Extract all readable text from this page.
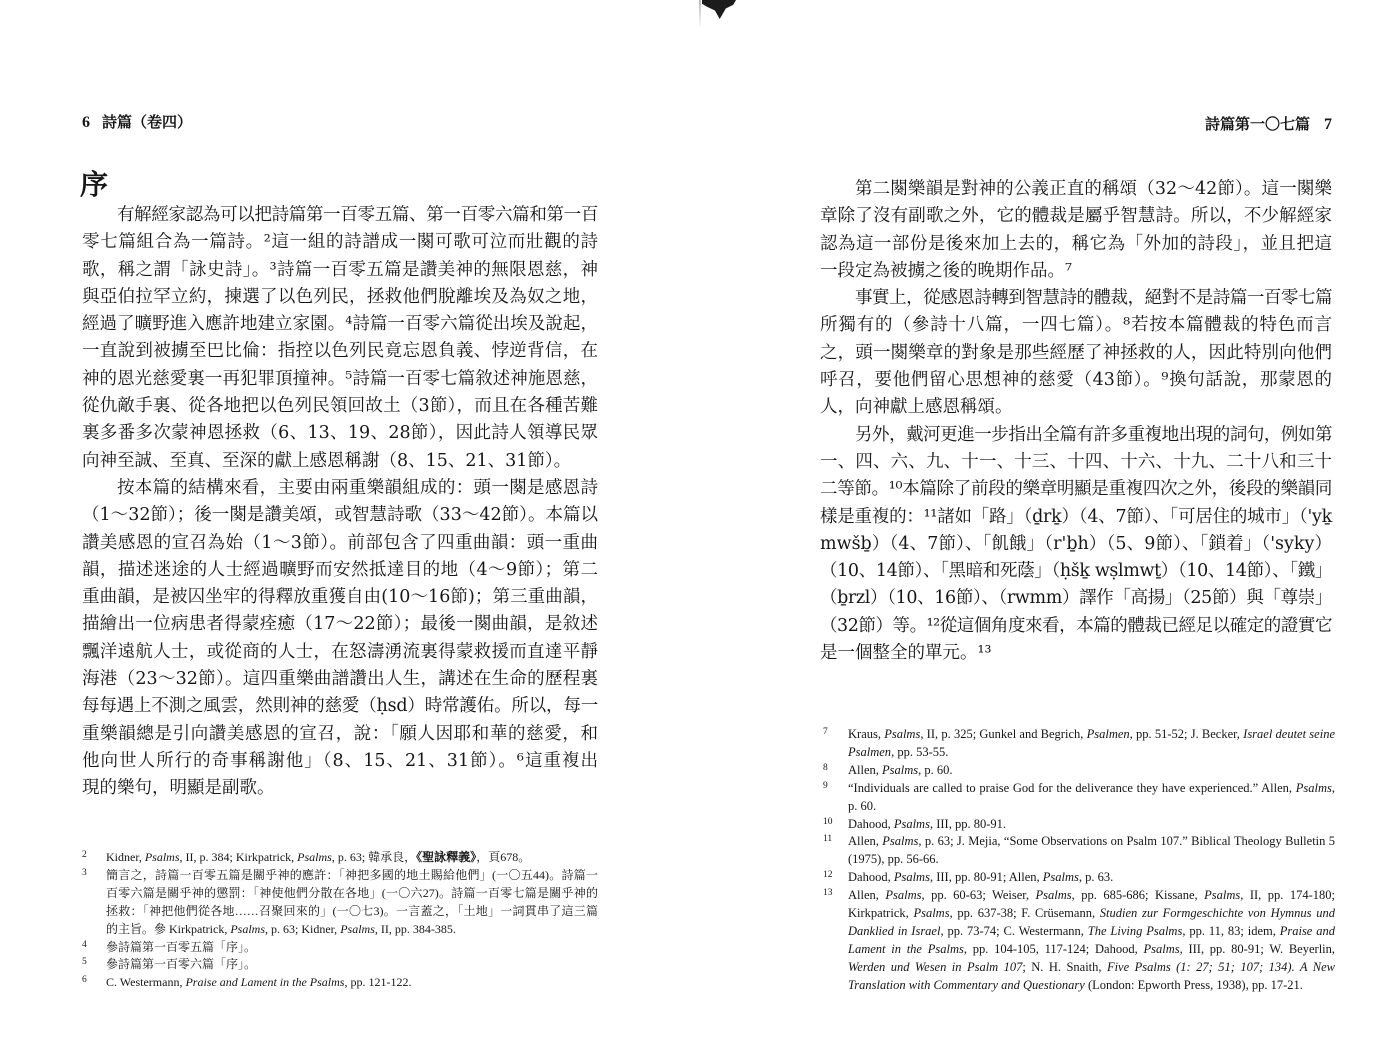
6 詩篇（卷四）
序
有解經家認為可以把詩篇第一百零五篇、第一百零六篇和第一百
零七篇組合為一篇詩。²這一組的詩譜成一闋可歌可泣而壯觀的詩
歌，稱之謂「詠史詩」。³詩篇一百零五篇是讚美神的無限恩慈，神
與亞伯拉罕立約，揀選了以色列民，拯救他們脫離埃及為奴之地，
經過了曠野進入應許地建立家園。⁴詩篇一百零六篇從出埃及說起，
一直說到被擄至巴比倫：指控以色列民竟忘恩負義、悖逆背信，在
神的恩光慈愛裏一再犯罪頂撞神。⁵詩篇一百零七篇敘述神施恩慈，
從仇敵手裏、從各地把以色列民領回故土（3節），而且在各種苦難
裏多番多次蒙神恩拯救（6、13、19、28節），因此詩人領導民眾
向神至誠、至真、至深的獻上感恩稱謝（8、15、21、31節）。
按本篇的結構來看，主要由兩重樂韻組成的：頭一闋是感恩詩
（1～32節）；後一闋是讚美頌，或智慧詩歌（33～42節）。本篇以
讚美感恩的宣召為始（1～3節）。前部包含了四重曲韻：頭一重曲
韻，描述迷途的人士經過曠野而安然抵達目的地（4～9節）；第二
重曲韻，是被囚坐牢的得釋放重獲自由(10～16節)；第三重曲韻，
描繪出一位病患者得蒙痊癒（17～22節）；最後一闋曲韻，是敘述
飄洋遠航人士，或從商的人士，在怒濤湧流裏得蒙救援而直達平靜
海港（23～32節）。這四重樂曲譜讚出人生，講述在生命的歷程裏
每每遇上不測之風雲，然則神的慈愛（ḥsd）時常護佑。所以，每一
重樂韻總是引向讚美感恩的宣召，說：「願人因耶和華的慈愛，和
他向世人所行的奇事稱謝他」（8、15、21、31節）。⁶這重複出
現的樂句，明顯是副歌。
2	Kidner, Psalms, II, p. 384; Kirkpatrick, Psalms, p. 63; 韓承良，《聖詠釋義》，頁678。
3	簡言之，詩篇一百零五篇是關乎神的應許：「神把多國的地土賜給他們」(一〇五44)。詩篇一百零六篇是關乎神的懲罰：「神使他們分散在各地」(一〇六27)。詩篇一百零七篇是關乎神的拯救：「神把他們從各地……召聚回來的」(一〇七3)。一言蓋之，「土地」一詞貫串了這三篇的主旨。參 Kirkpatrick, Psalms, p. 63; Kidner, Psalms, II, pp. 384-385.
4	參詩篇第一百零五篇「序」。
5	參詩篇第一百零六篇「序」。
6	C. Westermann, Praise and Lament in the Psalms, pp. 121-122.
詩篇第一〇七篇 7
第二闋樂韻是對神的公義正直的稱頌（32～42節）。這一闋樂
章除了沒有副歌之外，它的體裁是屬乎智慧詩。所以，不少解經家
認為這一部份是後來加上去的，稱它為「外加的詩段」，並且把這
一段定為被擄之後的晚期作品。⁷
事實上，從感恩詩轉到智慧詩的體裁，絕對不是詩篇一百零七篇
所獨有的（參詩十八篇，一四七篇）。⁸若按本篇體裁的特色而言
之，頭一闋樂章的對象是那些經歷了神拯救的人，因此特別向他們
呼召，要他們留心思想神的慈愛（43節）。⁹換句話說，那蒙恩的
人，向神獻上感恩稱頌。
另外，戴河更進一步指出全篇有許多重複地出現的詞句，例如第
一、四、六、九、十一、十三、十四、十六、十九、二十八和三十
二等節。¹⁰本篇除了前段的樂章明顯是重複四次之外，後段的樂韻同
樣是重複的：¹¹諸如「路」（ḏrḵ）（4、7節）、「可居住的城市」（'yḵ
mwšḇ）（4、7節）、「飢餓」（r'ḇh）（5、9節）、「鎖着」（'syky）
（10、14節）、「黑暗和死蔭」（ḥšḵ wṣlmwṯ）（10、14節）、「鐵」
（ḇrzl）（10、16節）、（rwmm）譯作「高揚」（25節）與「尊崇」
（32節）等。¹²從這個角度來看，本篇的體裁已經足以確定的證實它
是一個整全的單元。¹³
7	Kraus, Psalms, II, p. 325; Gunkel and Begrich, Psalmen, pp. 51-52; J. Becker, Israel deutet seine Psalmen, pp. 53-55.
8	Allen, Psalms, p. 60.
9	“Individuals are called to praise God for the deliverance they have experienced.” Allen, Psalms, p. 60.
10	Dahood, Psalms, III, pp. 80-91.
11	Allen, Psalms, p. 63; J. Mejia, “Some Observations on Psalm 107.” Biblical Theology Bulletin 5 (1975), pp. 56-66.
12	Dahood, Psalms, III, pp. 80-91; Allen, Psalms, p. 63.
13	Allen, Psalms, pp. 60-63; Weiser, Psalms, pp. 685-686; Kissane, Psalms, II, pp. 174-180; Kirkpatrick, Psalms, pp. 637-38; F. Crüsemann, Studien zur Formgeschichte von Hymnus und Danklied in Israel, pp. 73-74; C. Westermann, The Living Psalms, pp. 11, 83; idem, Praise and Lament in the Psalms, pp. 104-105, 117-124; Dahood, Psalms, III, pp. 80-91; W. Beyerlin, Werden und Wesen in Psalm 107; N. H. Snaith, Five Psalms (1: 27; 51; 107; 134). A New Translation with Commentary and Questionary (London: Epworth Press, 1938), pp. 17-21.
